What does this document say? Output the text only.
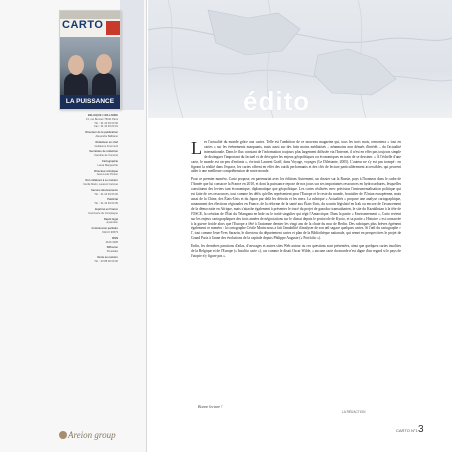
édito
CARTO
LA PUISSANCE
BELGIQUE / HOLLANDE
21, rue Bouvier 75011 Paris
Tél. : 01 44 93 00 00
Fax : 01 44 93 00 01
Directeur de la publication
Alexandre Balbiano
Rédacteur en chef
Guillaume Fourmont
Secrétaire de rédaction
Caroline de Comerel
Cartographie
Laura Margueritte
Directeur artistique
Jean-Louis Pinson
Ont collaboré à ce numéro
Cécile Marin, Laurent Carroué
Service abonnements
Tél. : 01 44 93 06 00
Publicité
Tél. : 01 44 93 00 05
Imprimé en France
Imprimerie de Compiègne
Dépôt légal
à parution
Commission paritaire
0114 K 90573
ISSN
2100-1995
Diffusion
Presstalis
Vente au numéro
Tél. : 03 88 00 00 00
Areion group

Les l'actualité du monde grâce aux cartes. Telle est l'ambition de ce nouveau magazine qui, tous les trois mois, remontera « tout en cartes » sur les événements marquants, mais aussi sur des faits moins médiatisés – néanmoins non dénués d'intérêt – du l'actualité internationale. Dans le flux constant de l'information toujours plus largement diffusée via l'Internet, il n'est en effet pas toujours simple de distinguer l'important du factuel et de décrypter les enjeux géopolitiques ou économiques en train de se dessiner. « À l'échelle d'une carte, le monde est un peu d'enfants », écrivait Laurent Graff, dans Voyage, voyages (Le Dilettante, 2005). L'auteur ne s'y est pas trompé : en figeant la réalité dans l'espace, les cartes offrent en effet des outils performants et des clés de lecture particulièrement accessibles, qui peuvent aider à une meilleure compréhension de notre monde.

Pour ce premier numéro, Carto propose, en partenariat avec les éditions Autrement, un dossier sur la Russie, pays à l'honneur dans le cadre de l'Année que lui consacre la France en 2010, et dont la puissance repose de nos jours sur ses importantes ressources en hydrocarbures, lesquelles constituent des leviers tant économique, diplomatique que géopolitique. Les cartes réalisées avec précision l'instrumentalisation politique qui est faite de ces ressources, tout comme les défis qu'elles représentent pour l'Europe et le reste du monde, frontalier de l'Union européenne, mais aussi de la Chine, des États-Unis et du Japon par delà les détroits et les mers. La rubrique « Actualités » propose une analyse cartographique, notamment des élections régionales en France, de la réforme de la santé aux États-Unis, du scrutin législatif en Irak ou encore de l'avancement de la démocratie en Afrique, mais s'attache également à présenter le tracé du projet de gazoduc transsaharien, le site du Kazakhstan à la tête de l'OSCE, la création de l'État du Telangana en Inde ou le traité singulier qui régit l'Antarctique. Dans la partie « Environnement », Carto revient sur les enjeux cartographiques des trois années de négociations sur le climat depuis le protocole de Kyoto, et sa partie « Histoire » est consacrée à la guerre froide alors que l'Europe a fêté à l'automne dernier les vingt ans de la chute du mur de Berlin. Des rubriques plus brèves égrènent également ce numéro : la cartographe Cécile Marin nous a fait l'amabilité d'analyser de son œil sagace quelques cartes. Si l'œil du cartographe ≠ l', tout comme Jean-Yves Sarazin, le directeur du département cartes et plan de la Bibliothèque nationale, qui remet en perspectives le projet de Grand Paris à l'aune des évolutions de la capitale depuis Philippe Auguste (« Portfolio »).

Enfin, les dernières parutions d'atlas, d'ouvrages et autres sites Web autour ou ces questions sont présentées, ainsi que quelques cartes insolites de la Belgique et de l'Europe (« Insolito carte »), car comme le disait Oscar Wilde, « aucune carte du monde n'est digne d'un regard si le pays de l'utopie n'y figure pas ».

Bonne lecture !
LA RÉDACTION
CARTO N°1 3
